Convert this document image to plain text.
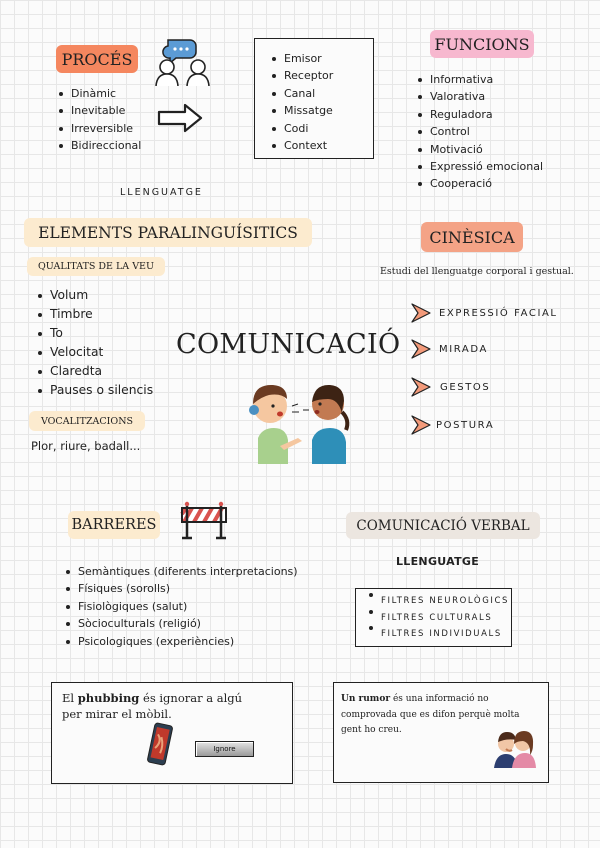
PROCÉS
Dinàmic
Inevitable
Irreversible
Bidireccional
Emisor
Receptor
Canal
Missatge
Codi
Context
FUNCIONS
Informativa
Valorativa
Reguladora
Control
Motivació
Expressió emocional
Cooperació
LLENGUATGE
ELEMENTS PARALINGUÍSITICS
QUALITATS DE LA VEU
Volum
Timbre
To
Velocitat
Claredta
Pauses o silencis
VOCALITZACIONS
Plor, riure, badall...
COMUNICACIÓ
CINÈSICA
Estudi del llenguatge corporal i gestual.
EXPRESSIÓ FACIAL
MIRADA
GESTOS
POSTURA
BARRERES
Semàntiques (diferents interpretacions)
Físiques (sorolls)
Fisiològiques (salut)
Sòcioculturals (religió)
Psicologiques (experiències)
COMUNICACIÓ VERBAL
LLENGUATGE
FILTRES NEUROLÒGICS
FILTRES CULTURALS
FILTRES INDIVIDUALS
El phubbing és ignorar a algú per mirar el mòbil.
Ignore
Un rumor és una informació no comprovada que es difon perquè molta gent ho creu.
